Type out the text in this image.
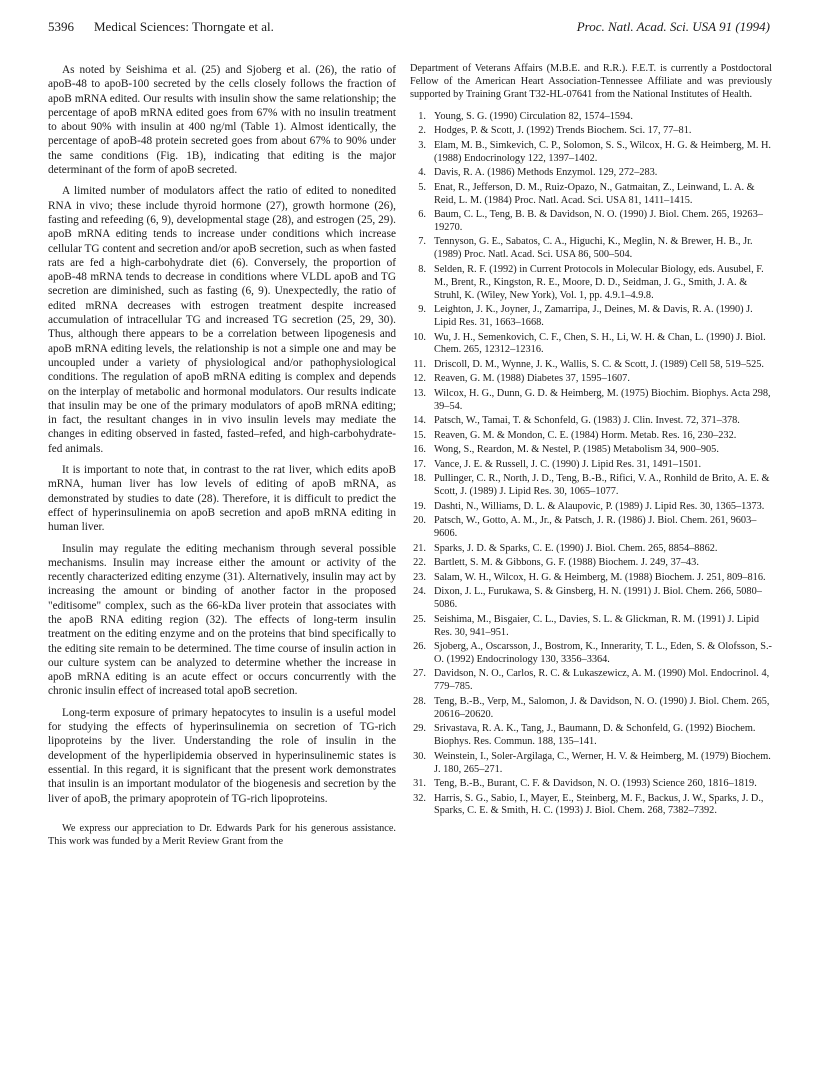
5396 Medical Sciences: Thorngate et al.	Proc. Natl. Acad. Sci. USA 91 (1994)

As noted by Seishima et al. (25) and Sjoberg et al. (26), the ratio of apoB-48 to apoB-100 secreted by the cells closely follows the fraction of apoB mRNA edited. Our results with insulin show the same relationship; the percentage of apoB mRNA edited goes from 67% with no insulin treatment to about 90% with insulin at 400 ng/ml (Table 1). Almost identically, the percentage of apoB-48 protein secreted goes from about 67% to 90% under the same conditions (Fig. 1B), indicating that editing is the major determinant of the form of apoB secreted.

A limited number of modulators affect the ratio of edited to nonedited RNA in vivo; these include thyroid hormone (27), growth hormone (26), fasting and refeeding (6, 9), developmental stage (28), and estrogen (25, 29). apoB mRNA editing tends to increase under conditions which increase cellular TG content and secretion and/or apoB secretion, such as when fasted rats are fed a high-carbohydrate diet (6). Conversely, the proportion of apoB-48 mRNA tends to decrease in conditions where VLDL apoB and TG secretion are diminished, such as fasting (6, 9). Unexpectedly, the ratio of edited mRNA decreases with estrogen treatment despite increased accumulation of intracellular TG and increased TG secretion (25, 29, 30). Thus, although there appears to be a correlation between lipogenesis and apoB mRNA editing levels, the relationship is not a simple one and may be uncoupled under a variety of physiological and/or pathophysiological conditions. The regulation of apoB mRNA editing is complex and depends on the interplay of metabolic and hormonal modulators. Our results indicate that insulin may be one of the primary modulators of apoB mRNA editing; in fact, the resultant changes in in vivo insulin levels may mediate the changes in editing observed in fasted, fasted–refed, and high-carbohydrate-fed animals.

It is important to note that, in contrast to the rat liver, which edits apoB mRNA, human liver has low levels of editing of apoB mRNA, as demonstrated by studies to date (28). Therefore, it is difficult to predict the effect of hyperinsulinemia on apoB secretion and apoB mRNA editing in human liver.

Insulin may regulate the editing mechanism through several possible mechanisms. Insulin may increase either the amount or activity of the recently characterized editing enzyme (31). Alternatively, insulin may act by increasing the amount or binding of another factor in the proposed "editisome" complex, such as the 66-kDa liver protein that associates with the apoB RNA editing region (32). The effects of long-term insulin treatment on the editing enzyme and on the proteins that bind specifically to the editing site remain to be determined. The time course of insulin action in our culture system can be analyzed to determine whether the increase in apoB mRNA editing is an acute effect or occurs concurrently with the chronic insulin effect of increased total apoB secretion.

Long-term exposure of primary hepatocytes to insulin is a useful model for studying the effects of hyperinsulinemia on secretion of TG-rich lipoproteins by the liver. Understanding the role of insulin in the development of the hyperlipidemia observed in hyperinsulinemic states is essential. In this regard, it is significant that the present work demonstrates that insulin is an important modulator of the biogenesis and secretion by the liver of apoB, the primary apoprotein of TG-rich lipoproteins.

We express our appreciation to Dr. Edwards Park for his generous assistance. This work was funded by a Merit Review Grant from the

Department of Veterans Affairs (M.B.E. and R.R.). F.E.T. is currently a Postdoctoral Fellow of the American Heart Association-Tennessee Affiliate and was previously supported by Training Grant T32-HL-07641 from the National Institutes of Health.

1. Young, S. G. (1990) Circulation 82, 1574–1594.
2. Hodges, P. & Scott, J. (1992) Trends Biochem. Sci. 17, 77–81.
3. Elam, M. B., Simkevich, C. P., Solomon, S. S., Wilcox, H. G. & Heimberg, M. H. (1988) Endocrinology 122, 1397–1402.
4. Davis, R. A. (1986) Methods Enzymol. 129, 272–283.
5. Enat, R., Jefferson, D. M., Ruiz-Opazo, N., Gatmaitan, Z., Leinwand, L. A. & Reid, L. M. (1984) Proc. Natl. Acad. Sci. USA 81, 1411–1415.
6. Baum, C. L., Teng, B. B. & Davidson, N. O. (1990) J. Biol. Chem. 265, 19263–19270.
7. Tennyson, G. E., Sabatos, C. A., Higuchi, K., Meglin, N. & Brewer, H. B., Jr. (1989) Proc. Natl. Acad. Sci. USA 86, 500–504.
8. Selden, R. F. (1992) in Current Protocols in Molecular Biology, eds. Ausubel, F. M., Brent, R., Kingston, R. E., Moore, D. D., Seidman, J. G., Smith, J. A. & Struhl, K. (Wiley, New York), Vol. 1, pp. 4.9.1–4.9.8.
9. Leighton, J. K., Joyner, J., Zamarripa, J., Deines, M. & Davis, R. A. (1990) J. Lipid Res. 31, 1663–1668.
10. Wu, J. H., Semenkovich, C. F., Chen, S. H., Li, W. H. & Chan, L. (1990) J. Biol. Chem. 265, 12312–12316.
11. Driscoll, D. M., Wynne, J. K., Wallis, S. C. & Scott, J. (1989) Cell 58, 519–525.
12. Reaven, G. M. (1988) Diabetes 37, 1595–1607.
13. Wilcox, H. G., Dunn, G. D. & Heimberg, M. (1975) Biochim. Biophys. Acta 298, 39–54.
14. Patsch, W., Tamai, T. & Schonfeld, G. (1983) J. Clin. Invest. 72, 371–378.
15. Reaven, G. M. & Mondon, C. E. (1984) Horm. Metab. Res. 16, 230–232.
16. Wong, S., Reardon, M. & Nestel, P. (1985) Metabolism 34, 900–905.
17. Vance, J. E. & Russell, J. C. (1990) J. Lipid Res. 31, 1491–1501.
18. Pullinger, C. R., North, J. D., Teng, B.-B., Rifici, V. A., Ronhild de Brito, A. E. & Scott, J. (1989) J. Lipid Res. 30, 1065–1077.
19. Dashti, N., Williams, D. L. & Alaupovic, P. (1989) J. Lipid Res. 30, 1365–1373.
20. Patsch, W., Gotto, A. M., Jr., & Patsch, J. R. (1986) J. Biol. Chem. 261, 9603–9606.
21. Sparks, J. D. & Sparks, C. E. (1990) J. Biol. Chem. 265, 8854–8862.
22. Bartlett, S. M. & Gibbons, G. F. (1988) Biochem. J. 249, 37–43.
23. Salam, W. H., Wilcox, H. G. & Heimberg, M. (1988) Biochem. J. 251, 809–816.
24. Dixon, J. L., Furukawa, S. & Ginsberg, H. N. (1991) J. Biol. Chem. 266, 5080–5086.
25. Seishima, M., Bisgaier, C. L., Davies, S. L. & Glickman, R. M. (1991) J. Lipid Res. 30, 941–951.
26. Sjoberg, A., Oscarsson, J., Bostrom, K., Innerarity, T. L., Eden, S. & Olofsson, S.-O. (1992) Endocrinology 130, 3356–3364.
27. Davidson, N. O., Carlos, R. C. & Lukaszewicz, A. M. (1990) Mol. Endocrinol. 4, 779–785.
28. Teng, B.-B., Verp, M., Salomon, J. & Davidson, N. O. (1990) J. Biol. Chem. 265, 20616–20620.
29. Srivastava, R. A. K., Tang, J., Baumann, D. & Schonfeld, G. (1992) Biochem. Biophys. Res. Commun. 188, 135–141.
30. Weinstein, I., Soler-Argilaga, C., Werner, H. V. & Heimberg, M. (1979) Biochem. J. 180, 265–271.
31. Teng, B.-B., Burant, C. F. & Davidson, N. O. (1993) Science 260, 1816–1819.
32. Harris, S. G., Sabio, I., Mayer, E., Steinberg, M. F., Backus, J. W., Sparks, J. D., Sparks, C. E. & Smith, H. C. (1993) J. Biol. Chem. 268, 7382–7392.
